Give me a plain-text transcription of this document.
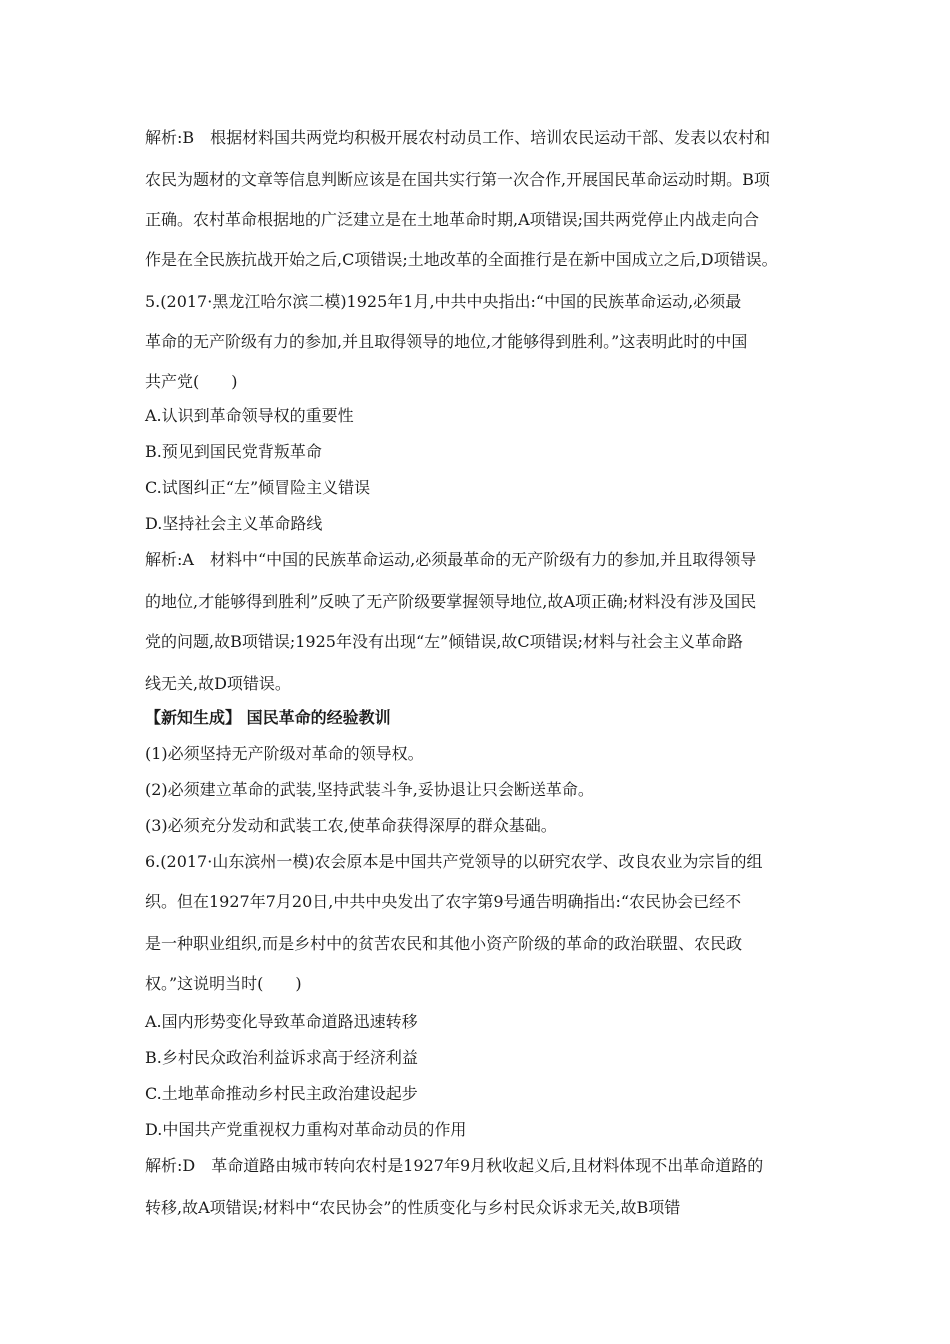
解析:B　根据材料国共两党均积极开展农村动员工作、培训农民运动干部、发表以农村和
农民为题材的文章等信息判断应该是在国共实行第一次合作,开展国民革命运动时期。B项
正确。农村革命根据地的广泛建立是在土地革命时期,A项错误;国共两党停止内战走向合
作是在全民族抗战开始之后,C项错误;土地改革的全面推行是在新中国成立之后,D项错误。
5.(2017·黑龙江哈尔滨二模)1925年1月,中共中央指出:“中国的民族革命运动,必须最
革命的无产阶级有力的参加,并且取得领导的地位,才能够得到胜利。”这表明此时的中国
共产党(　　)
A.认识到革命领导权的重要性
B.预见到国民党背叛革命
C.试图纠正“左”倾冒险主义错误
D.坚持社会主义革命路线
解析:A　材料中“中国的民族革命运动,必须最革命的无产阶级有力的参加,并且取得领导
的地位,才能够得到胜利”反映了无产阶级要掌握领导地位,故A项正确;材料没有涉及国民
党的问题,故B项错误;1925年没有出现“左”倾错误,故C项错误;材料与社会主义革命路
线无关,故D项错误。
【新知生成】 国民革命的经验教训
(1)必须坚持无产阶级对革命的领导权。
(2)必须建立革命的武装,坚持武装斗争,妥协退让只会断送革命。
(3)必须充分发动和武装工农,使革命获得深厚的群众基础。
6.(2017·山东滨州一模)农会原本是中国共产党领导的以研究农学、改良农业为宗旨的组
织。但在1927年7月20日,中共中央发出了农字第9号通告明确指出:“农民协会已经不
是一种职业组织,而是乡村中的贫苦农民和其他小资产阶级的革命的政治联盟、农民政
权。”这说明当时(　　)
A.国内形势变化导致革命道路迅速转移
B.乡村民众政治利益诉求高于经济利益
C.土地革命推动乡村民主政治建设起步
D.中国共产党重视权力重构对革命动员的作用
解析:D　革命道路由城市转向农村是1927年9月秋收起义后,且材料体现不出革命道路的
转移,故A项错误;材料中“农民协会”的性质变化与乡村民众诉求无关,故B项错
